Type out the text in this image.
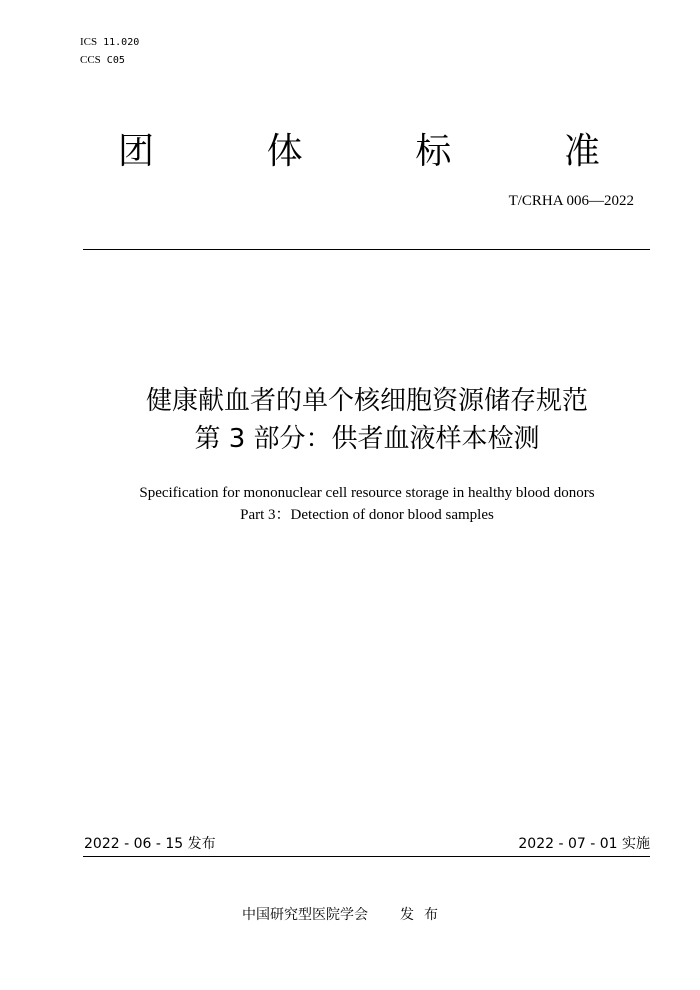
ICS 11.020
CCS C05
团	体	标	准
T/CRHA 006—2022
健康献血者的单个核细胞资源储存规范
第 3 部分：供者血液样本检测
Specification for mononuclear cell resource storage in healthy blood donors
Part 3：Detection of donor blood samples
2022 - 06 - 15 发布	2022 - 07 - 01 实施
中国研究型医院学会 发布
